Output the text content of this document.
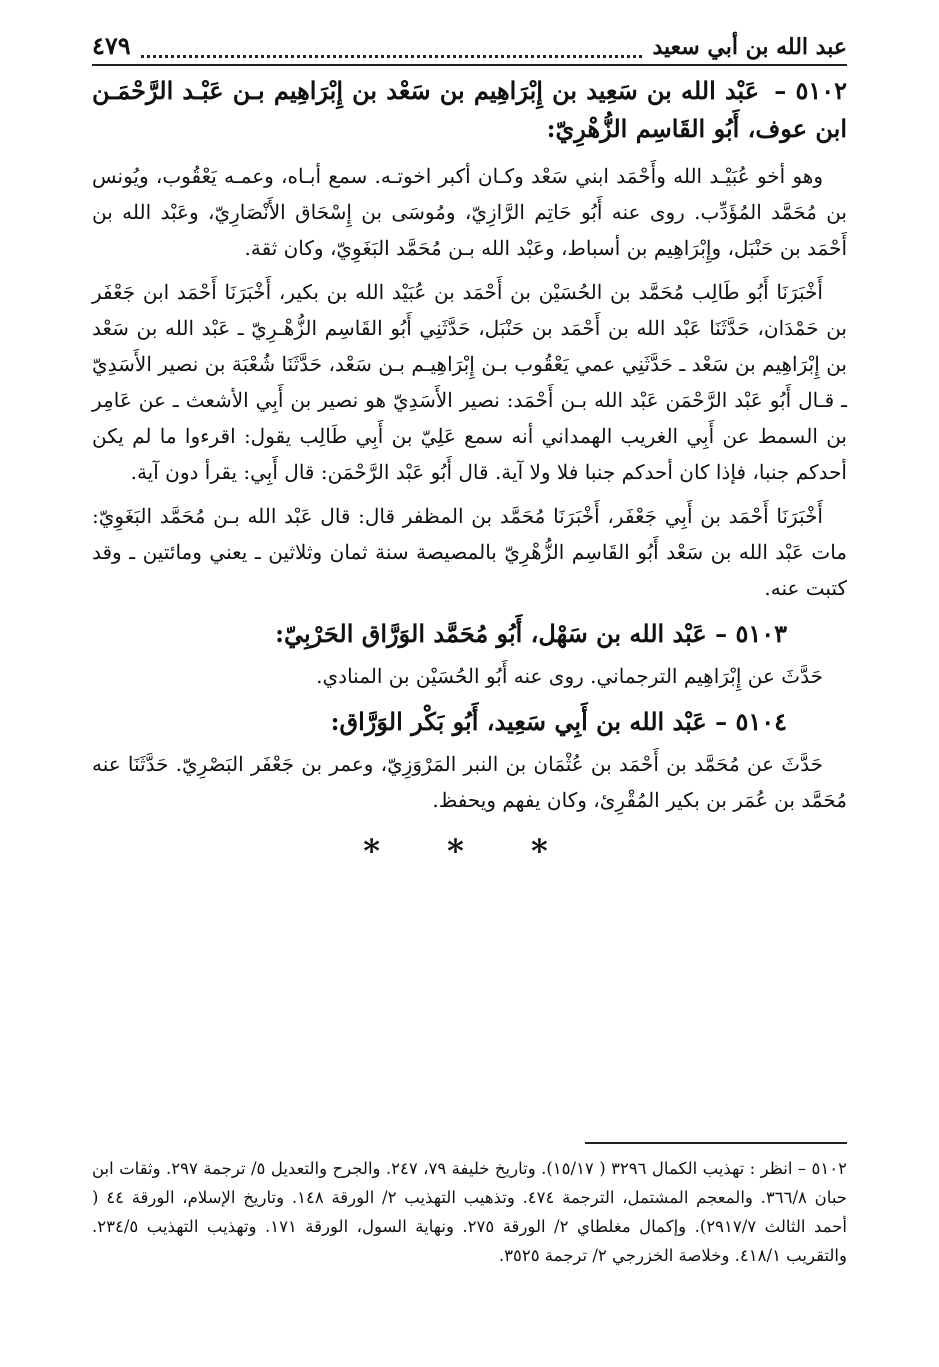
عبد الله بن أبي سعيد
٤٧٩
٥١٠٢ – عَبْد الله بن سَعِيد بن إِبْرَاهِيم بن سَعْد بن إِبْرَاهِيم بـن عَبْـد الرَّحْمَـن ابن عوف، أَبُو القَاسِم الزُّهْرِيّ:

وهو أخو عُبَيْـد الله وأَحْمَد ابني سَعْد وكـان أكبر اخوتـه. سمع أبـاه، وعمـه يَعْقُوب، ويُونس بن مُحَمَّد المُؤَدِّب. روى عنه أَبُو حَاتِم الرَّازِيّ، ومُوسَى بن إِسْحَاق الأَنْصَارِيّ، وعَبْد الله بن أَحْمَد بن حَنْبَل، وإِبْرَاهِيم بن أسباط، وعَبْد الله بـن مُحَمَّد البَغَوِيّ، وكان ثقة.

أَخْبَرَنَا أَبُو طَالِب مُحَمَّد بن الحُسَيْن بن أَحْمَد بن عُبَيْد الله بن بكير، أَخْبَرَنَا أَحْمَد ابن جَعْفَر بن حَمْدَان، حَدَّثَنَا عَبْد الله بن أَحْمَد بن حَنْبَل، حَدَّثَنِي أَبُو القَاسِم الزُّهْـرِيّ ـ عَبْد الله بن سَعْد بن إِبْرَاهِيم بن سَعْد ـ حَدَّثَنِي عمي يَعْقُوب بـن إِبْرَاهِيـم بـن سَعْد، حَدَّثَنَا شُعْبَة بن نصير الأَسَدِيّ ـ قـال أَبُو عَبْد الرَّحْمَن عَبْد الله بـن أَحْمَد: نصير الأَسَدِيّ هو نصير بن أَبِي الأشعث ـ عن عَامِر بن السمط عن أَبِي الغريب الهمداني أنه سمع عَلِيّ بن أَبِي طَالِب يقول: اقرءوا ما لم يكن أحدكم جنبا، فإذا كان أحدكم جنبا فلا ولا آية. قال أَبُو عَبْد الرَّحْمَن: قال أَبِي: يقرأ دون آية.

أَخْبَرَنَا أَحْمَد بن أَبِي جَعْفَر، أَخْبَرَنَا مُحَمَّد بن المظفر قال: قال عَبْد الله بـن مُحَمَّد البَغَوِيّ: مات عَبْد الله بن سَعْد أَبُو القَاسِم الزُّهْرِيّ بالمصيصة سنة ثمان وثلاثين ـ يعني ومائتين ـ وقد كتبت عنه.

٥١٠٣ – عَبْد الله بن سَهْل، أَبُو مُحَمَّد الوَرَّاق الحَرْبِيّ:

حَدَّثَ عن إِبْرَاهِيم الترجماني. روى عنه أَبُو الحُسَيْن بن المنادي.

٥١٠٤ – عَبْد الله بن أَبِي سَعِيد، أَبُو بَكْر الوَرَّاق:

حَدَّثَ عن مُحَمَّد بن أَحْمَد بن عُثْمَان بن النبر المَرْوَزِيّ، وعمر بن جَعْفَر البَصْرِيّ. حَدَّثَنَا عنه مُحَمَّد بن عُمَر بن بكير المُقْرِئ، وكان يفهم ويحفظ.

* * *

٥١٠٢ – انظر : تهذيب الكمال ٣٢٩٦ ( ١٥/١٧). وتاريخ خليفة ٧٩، ٢٤٧. والجرح والتعديل ٥/ ترجمة ٢٩٧. وثقات ابن حبان ٣٦٦/٨. والمعجم المشتمل، الترجمة ٤٧٤. وتذهيب التهذيب ٢/ الورقة ١٤٨. وتاريخ الإسلام، الورقة ٤٤ ( أحمد الثالث ٢٩١٧/٧). وإكمال مغلطاي ٢/ الورقة ٢٧٥. ونهاية السول، الورقة ١٧١. وتهذيب التهذيب ٢٣٤/٥. والتقريب ٤١٨/١. وخلاصة الخزرجي ٢/ ترجمة ٣٥٢٥.
